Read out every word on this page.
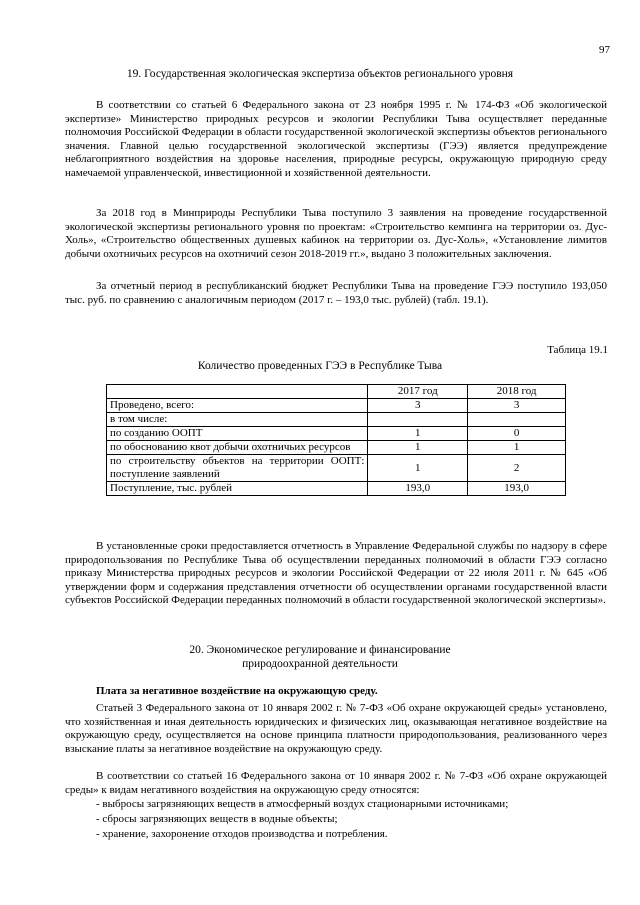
97
19. Государственная экологическая экспертиза объектов регионального уровня

В соответствии со статьей 6 Федерального закона от 23 ноября 1995 г. № 174-ФЗ «Об экологической экспертизе» Министерство природных ресурсов и экологии Республики Тыва осуществляет переданные полномочия Российской Федерации в области государственной экологической экспертизы объектов регионального значения. Главной целью государственной экологической экспертизы (ГЭЭ) является предупреждение неблагоприятного воздействия на здоровье населения, природные ресурсы, окружающую природную среду намечаемой управленческой, инвестиционной и хозяйственной деятельности.

За 2018 год в Минприроды Республики Тыва поступило 3 заявления на проведение государственной экологической экспертизы регионального уровня по проектам: «Строительство кемпинга на территории оз. Дус-Холь», «Строительство общественных душевых кабинок на территории оз. Дус-Холь», «Установление лимитов добычи охотничьих ресурсов на охотничий сезон 2018-2019 гг.», выдано 3 положительных заключения.

За отчетный период в республиканский бюджет Республики Тыва на проведение ГЭЭ поступило 193,050 тыс. руб. по сравнению с аналогичным периодом (2017 г. – 193,0 тыс. рублей) (табл. 19.1).

Таблица 19.1
Количество проведенных ГЭЭ в Республике Тыва
	2017 год	2018 год
Проведено, всего:	3	3
в том числе:		
по созданию ООПТ	1	0
по обоснованию квот добычи охотничьих ресурсов	1	1
по строительству объектов на территории ООПТ: поступление заявлений	1	2
Поступление, тыс. рублей	193,0	193,0

В установленные сроки предоставляется отчетность в Управление Федеральной службы по надзору в сфере природопользования по Республике Тыва об осуществлении переданных полномочий в области ГЭЭ согласно приказу Министерства природных ресурсов и экологии Российской Федерации от 22 июля 2011 г. № 645 «Об утверждении форм и содержания представления отчетности об осуществлении органами государственной власти субъектов Российской Федерации переданных полномочий в области государственной экологической экспертизы».

20. Экономическое регулирование и финансирование
природоохранной деятельности
Плата за негативное воздействие на окружающую среду.

Статьей 3 Федерального закона от 10 января 2002 г. № 7-ФЗ «Об охране окружающей среды» установлено, что хозяйственная и иная деятельность юридических и физических лиц, оказывающая негативное воздействие на окружающую среду, осуществляется на основе принципа платности природопользования, реализованного через взыскание платы за негативное воздействие на окружающую среду.

В соответствии со статьей 16 Федерального закона от 10 января 2002 г. № 7-ФЗ «Об охране окружающей среды» к видам негативного воздействия на окружающую среду относятся:

- выбросы загрязняющих веществ в атмосферный воздух стационарными источниками;
- сбросы загрязняющих веществ в водные объекты;
- хранение, захоронение отходов производства и потребления.
